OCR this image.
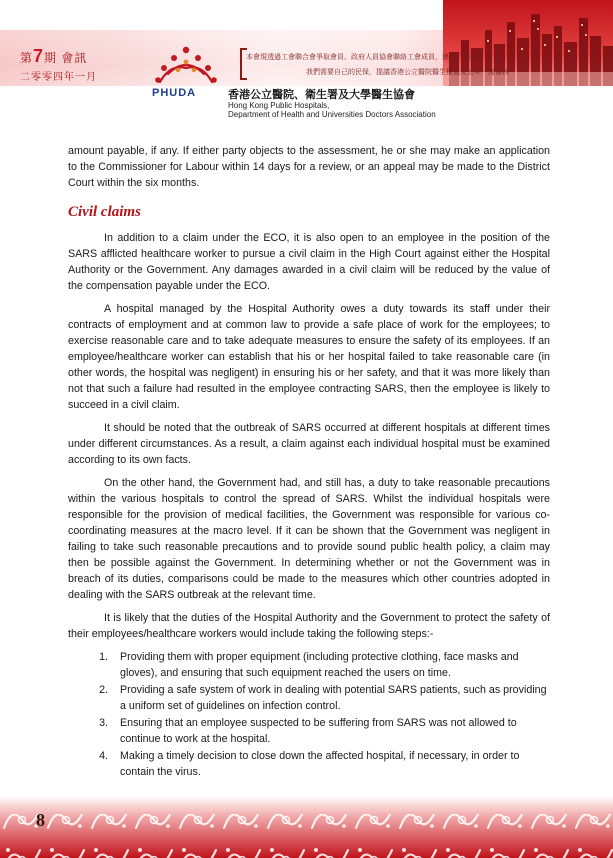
第7期 會訊
二零零四年一月
本會現透過工會聯合會爭取會員、政府人員協會聯絡工會成員，連結「醫聯」
我們需要自己的民保，提議香港公立醫院醫生權益及五年一度審核
PHUDA	香港公立醫院、衛生署及大學醫生協會
Hong Kong Public Hospitals,
Department of Health and Universities Doctors Association

amount payable, if any. If either party objects to the assessment, he or she may make an application to the Commissioner for Labour within 14 days for a review, or an appeal may be made to the District Court within the six months.

Civil claims

In addition to a claim under the ECO, it is also open to an employee in the position of the SARS afflicted healthcare worker to pursue a civil claim in the High Court against either the Hospital Authority or the Government. Any damages awarded in a civil claim will be reduced by the value of the compensation payable under the ECO.

A hospital managed by the Hospital Authority owes a duty towards its staff under their contracts of employment and at common law to provide a safe place of work for the employees; to exercise reasonable care and to take adequate measures to ensure the safety of its employees. If an employee/healthcare worker can establish that his or her hospital failed to take reasonable care (in other words, the hospital was negligent) in ensuring his or her safety, and that it was more likely than not that such a failure had resulted in the employee contracting SARS, then the employee is likely to succeed in a civil claim.

It should be noted that the outbreak of SARS occurred at different hospitals at different times under different circumstances. As a result, a claim against each individual hospital must be examined according to its own facts.

On the other hand, the Government had, and still has, a duty to take reasonable precautions within the various hospitals to control the spread of SARS. Whilst the individual hospitals were responsible for the provision of medical facilities, the Government was responsible for various co-coordinating measures at the macro level. If it can be shown that the Government was negligent in failing to take such reasonable precautions and to provide sound public health policy, a claim may then be possible against the Government. In determining whether or not the Government was in breach of its duties, comparisons could be made to the measures which other countries adopted in dealing with the SARS outbreak at the relevant time.

It is likely that the duties of the Hospital Authority and the Government to protect the safety of their employees/healthcare workers would include taking the following steps:-

1.	Providing them with proper equipment (including protective clothing, face masks and gloves), and ensuring that such equipment reached the users on time.
2.	Providing a safe system of work in dealing with potential SARS patients, such as providing a uniform set of guidelines on infection control.
3.	Ensuring that an employee suspected to be suffering from SARS was not allowed to continue to work at the hospital.
4.	Making a timely decision to close down the affected hospital, if necessary, in order to contain the virus.
8
